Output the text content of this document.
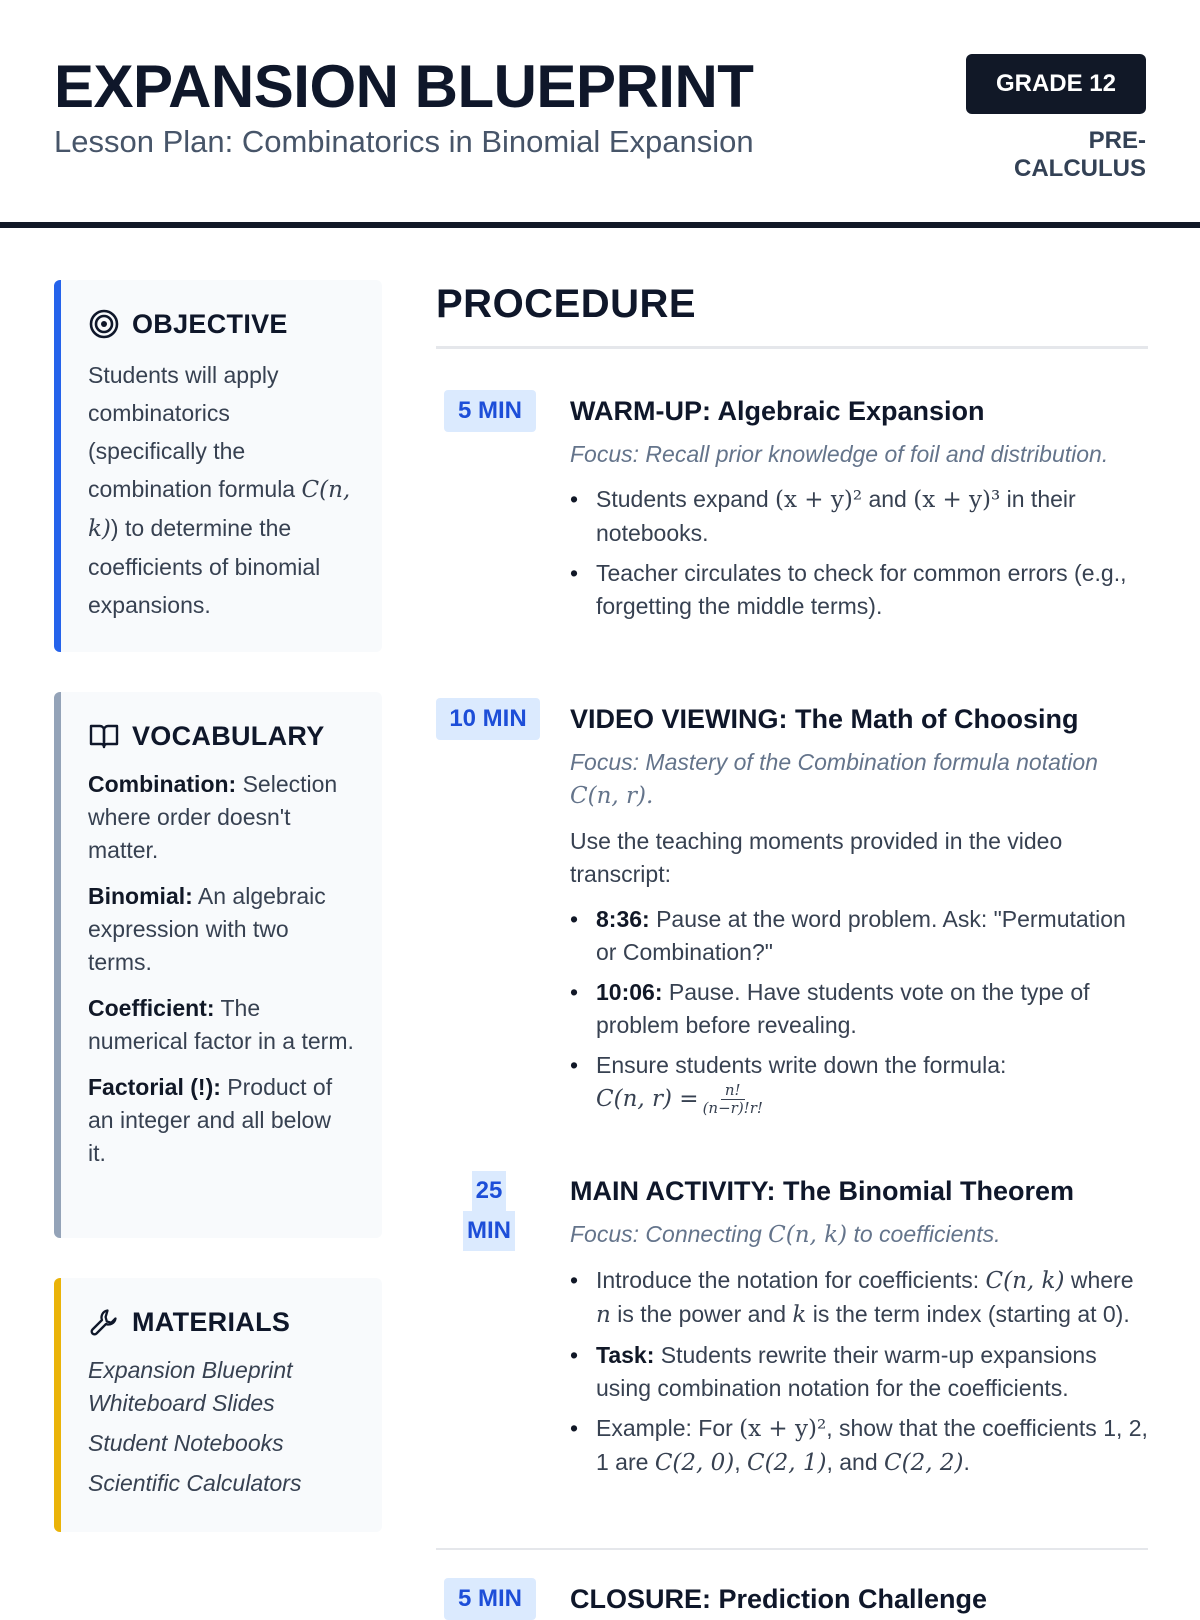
EXPANSION BLUEPRINT
Lesson Plan: Combinatorics in Binomial Expansion
GRADE 12
PRE-CALCULUS
OBJECTIVE
Students will apply combinatorics (specifically the combination formula C(n, k)) to determine the coefficients of binomial expansions.
VOCABULARY
Combination: Selection where order doesn't matter.
Binomial: An algebraic expression with two terms.
Coefficient: The numerical factor in a term.
Factorial (!): Product of an integer and all below it.
MATERIALS
Expansion Blueprint Whiteboard Slides
Student Notebooks
Scientific Calculators
PROCEDURE
5 MIN	WARM-UP: Algebraic Expansion
Focus: Recall prior knowledge of foil and distribution.
• Students expand (x + y)² and (x + y)³ in their notebooks.
• Teacher circulates to check for common errors (e.g., forgetting the middle terms).
10 MIN	VIDEO VIEWING: The Math of Choosing
Focus: Mastery of the Combination formula notation C(n, r).
Use the teaching moments provided in the video transcript:
• 8:36: Pause at the word problem. Ask: "Permutation or Combination?"
• 10:06: Pause. Have students vote on the type of problem before revealing.
• Ensure students write down the formula:
C(n, $r) = \frac{n!}{(n-r)!r!}$
25
MIN
MAIN ACTIVITY: The Binomial Theorem
Focus: Connecting C(n, k) to coefficients.
• Introduce the notation for coefficients: C(n, k) where n is the power and k is the term index (starting at 0).
• Task: Students rewrite their warm-up expansions using combination notation for the coefficients.
• Example: For (x + y)², show that the coefficients 1, 2, 1 are C(2, 0), C(2, 1), and C(2, 2).
5 MIN	CLOSURE: Prediction Challenge
